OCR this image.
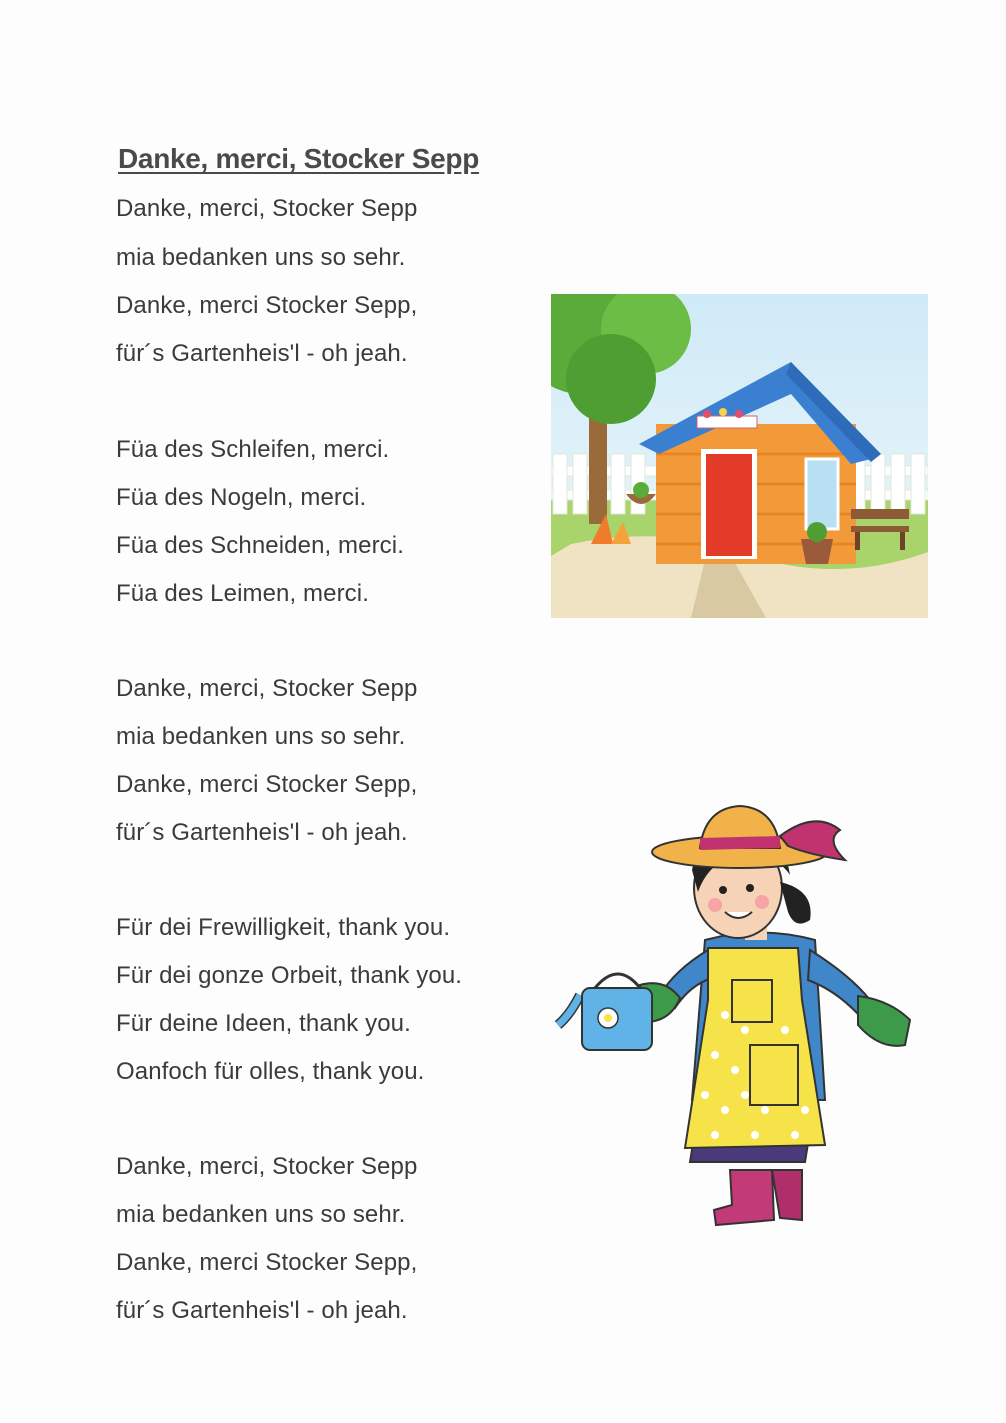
Danke, merci, Stocker Sepp
Danke, merci, Stocker Sepp
mia bedanken uns so sehr.
Danke, merci Stocker Sepp,
für´s Gartenheis'l - oh jeah.
Füa des Schleifen, merci.
Füa des Nogeln, merci.
Füa des Schneiden, merci.
Füa des Leimen, merci.
Danke, merci, Stocker Sepp
mia bedanken uns so sehr.
Danke, merci Stocker Sepp,
für´s Gartenheis'l - oh jeah.
Für dei Frewilligkeit, thank you.
Für dei gonze Orbeit, thank you.
Für deine Ideen, thank you.
Oanfoch für olles, thank you.
Danke, merci, Stocker Sepp
mia bedanken uns so sehr.
Danke, merci Stocker Sepp,
für´s Gartenheis'l - oh jeah.
